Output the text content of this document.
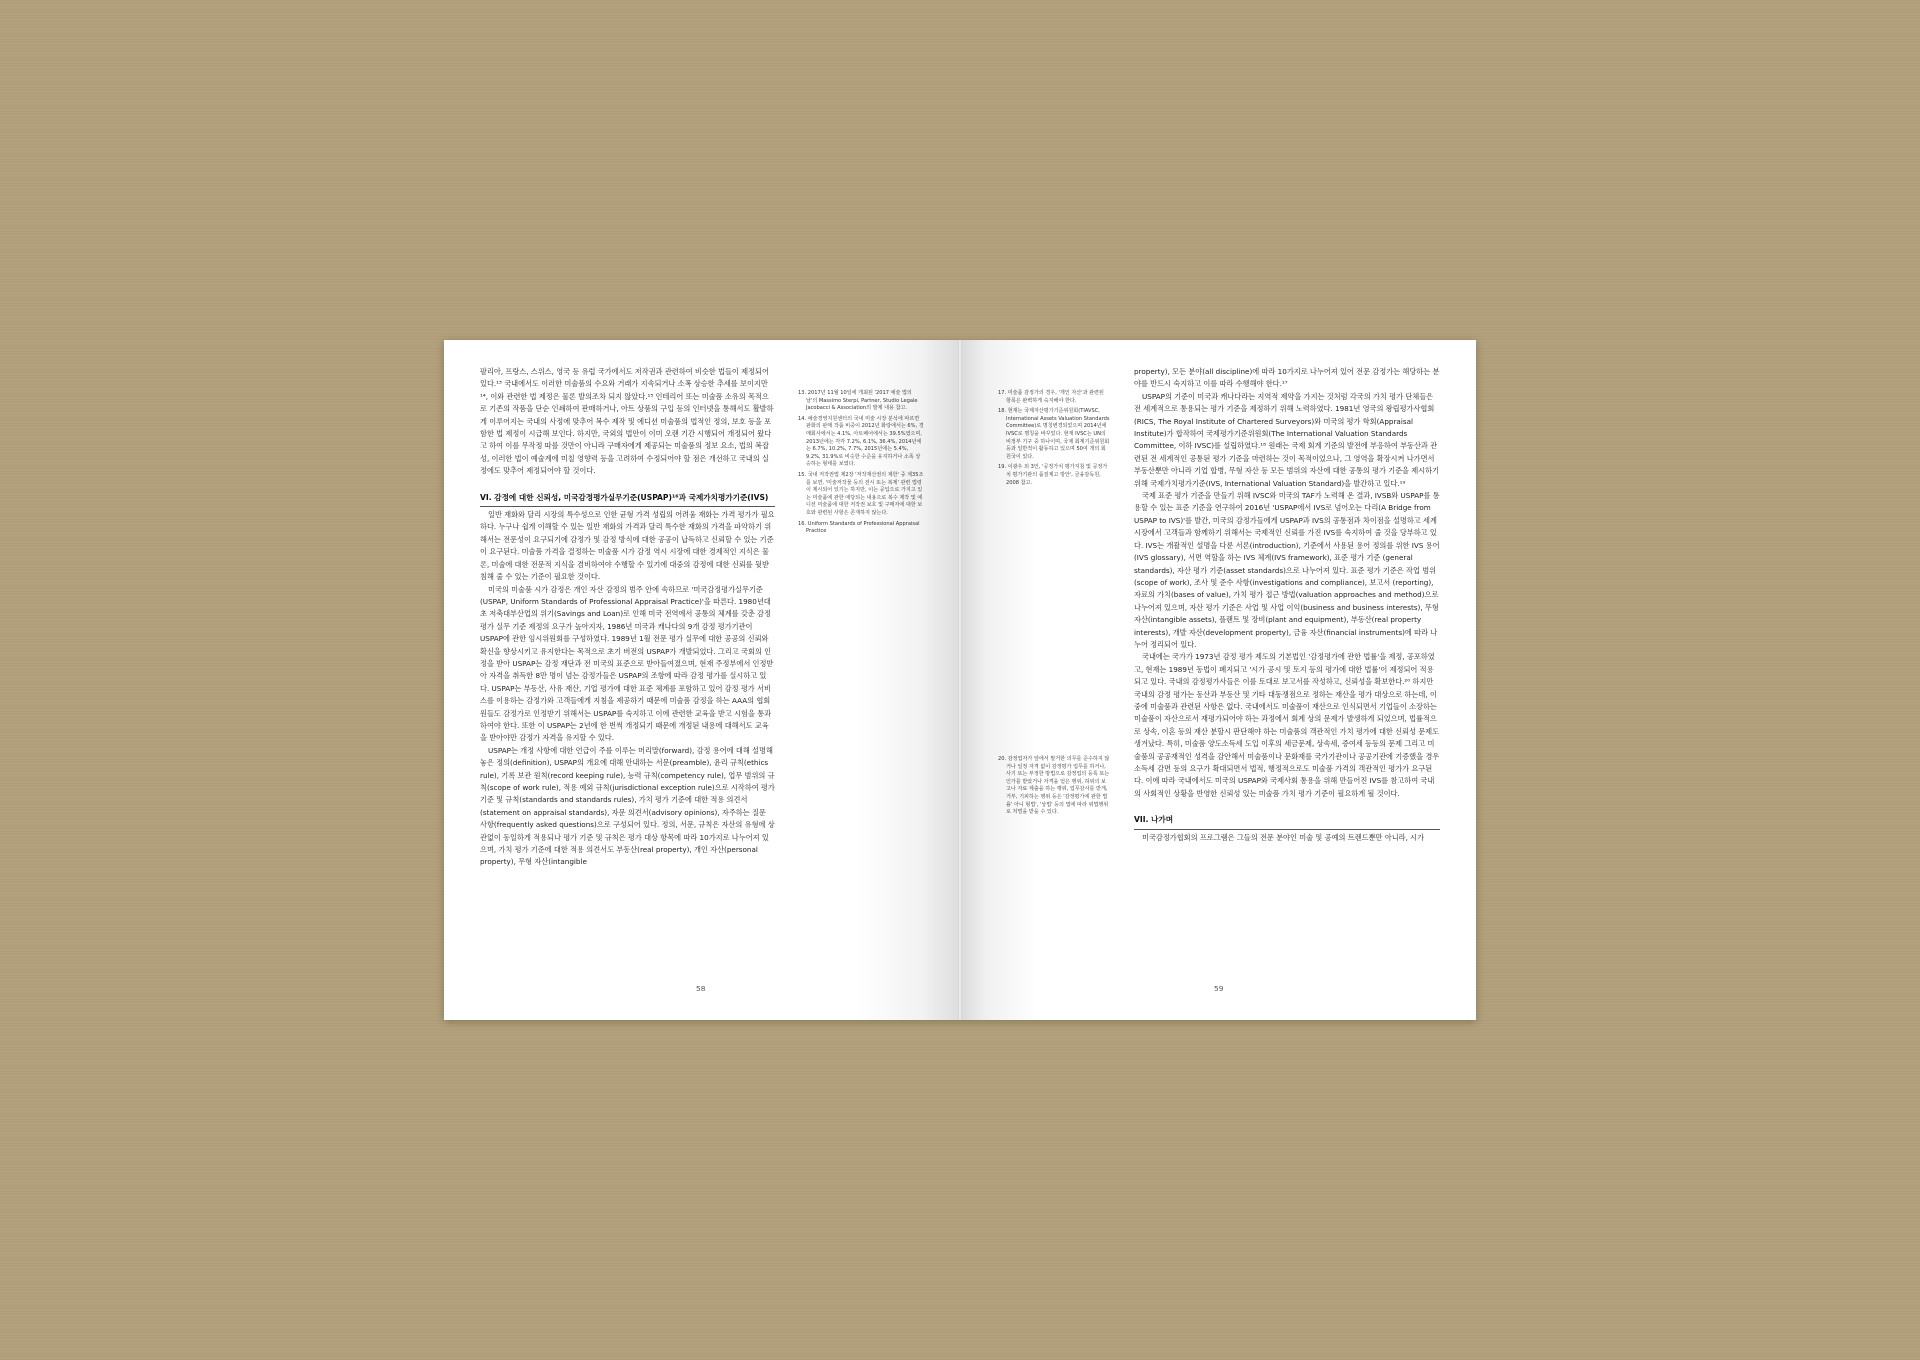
팔리아, 프랑스, 스위스, 영국 등 유럽 국가에서도 저작권과 관련하여 비슷한 법들이 제정되어 있다.¹³ 국내에서도 이러한 미술품의 수요와 거래가 지속되거나 소폭 상승한 추세를 보이지만¹⁴, 이와 관련한 법 제정은 물론 발의조차 되지 않았다.¹⁵ 인테리어 또는 미술품 소유의 목적으로 기존의 작품을 단순 인쇄하여 판매하거나, 아트 상품의 구입 등의 인터넷을 통해서도 활발하게 이루어지는 국내의 사정에 맞추어 복수 제작 및 에디션 미술품의 법적인 정의, 보호 등을 포함한 법 제정이 시급해 보인다. 하지만, 국외의 법안이 이미 오랜 기간 시행되어 개정되어 왔다고 하여 이를 무작정 따를 것만이 아니라 구매자에게 제공되는 미술품의 정보 요소, 법의 복잡성, 이러한 법이 예술계에 미칠 영향력 등을 고려하여 수정되어야 할 점은 개선하고 국내의 실정에도 맞추어 제정되어야 할 것이다.

VI. 감정에 대한 신뢰성, 미국감정평가실무기준(USPAP)¹⁶과 국제가치평가기준(IVS)

일반 재화와 달리 시장의 특수성으로 인한 균형 가격 성립의 어려움 재화는 가격 평가가 필요하다. 누구나 쉽게 이해할 수 있는 일반 재화의 가격과 달리 특수한 재화의 가격을 파악하기 위해서는 전문성이 요구되기에 감정가 및 감정 방식에 대한 공공이 납득하고 신뢰할 수 있는 기준이 요구된다. 미술품 가격을 결정하는 미술품 시가 감정 역시 시장에 대한 경제적인 지식은 물론, 미술에 대한 전문적 지식을 겸비하여야 수행할 수 있기에 대중의 감정에 대한 신뢰를 뒷받침해 줄 수 있는 기준이 필요한 것이다.

미국의 미술품 시가 감정은 개인 자산 감정의 범주 안에 속하므로 '미국감정평가실무기준(USPAP, Uniform Standards of Professional Appraisal Practice)'을 따른다. 1980년대 초 저축대부산업의 위기(Savings and Loan)로 인해 미국 전역에서 공통의 체계를 갖춘 감정 평가 실무 기준 제정의 요구가 높아지자, 1986년 미국과 캐나다의 9개 감정 평가기관이 USPAP에 관한 임시위원회를 구성하였다. 1989년 1월 전문 평가 실무에 대한 공공의 신뢰와 확신을 향상시키고 유지한다는 목적으로 초기 버전의 USPAP가 개발되었다. 그리고 국회의 인정을 받아 USPAP는 감정 재단과 전 미국의 표준으로 받아들여졌으며, 현재 주정부에서 인정받아 자격을 취득한 8만 명이 넘는 감정가들은 USPAP의 조항에 따라 감정 평가를 실시하고 있다. USPAP는 부동산, 사유 재산, 기업 평가에 대한 표준 체계를 포함하고 있어 감정 평가 서비스를 이용하는 감정가와 고객들에게 지침을 제공하기 때문에 미술품 감정을 하는 AAA의 협회원들도 감정가로 인정받기 위해서는 USPAP를 숙지하고 이에 관련한 교육을 받고 시험을 통과하여야 한다. 또한 이 USPAP는 2년에 한 번씩 개정되기 때문에 개정된 내용에 대해서도 교육을 받아야만 감정가 자격을 유지할 수 있다.

USPAP는 개정 사항에 대한 언급이 주를 이루는 머리말(forward), 감정 용어에 대해 설명해 놓은 정의(definition), USPAP의 개요에 대해 안내하는 서문(preamble), 윤리 규칙(ethics rule), 기록 보관 원칙(record keeping rule), 능력 규칙(competency rule), 업무 범위의 규칙(scope of work rule), 적용 예외 규칙(jurisdictional exception rule)으로 시작하여 평가 기준 및 규칙(standards and standards rules), 가치 평가 기준에 대한 적용 의견서(statement on appraisal standards), 자문 의견서(advisory opinions), 자주하는 질문 사항(frequently asked questions)으로 구성되어 있다. 정의, 서문, 규칙은 자산의 유형에 상관없이 동일하게 적용되나 평가 기준 및 규칙은 평가 대상 항목에 따라 10가지로 나누어져 있으며, 가치 평가 기준에 대한 적용 의견서도 부동산(real property), 개인 자산(personal property), 무형 자산(intangible

13. 2017년 11월 10일에 개최된 '2017 예술 법의 날'의 Massimo Sterpi, Partner, Studio Legale Jacobacci & Association의 발제 내용 참고.

14. 예술경영지원센터의 국내 미술 시장 분석에 따르면 판화의 판매 작품 비중이 2012년 화랑에서는 6%, 경매회사에서는 4.1%, 아트페어에서는 39.5%였으며, 2013년에는 각각 7.2%, 6.1%, 36.4%, 2014년에는 6.7%, 10.2%, 7.7%, 2015년에는 5.4%, 9.2%, 31.9%로 비슷한 수준을 유지하거나 소폭 상승하는 형태를 보였다.

15. 국내 저작권법 제2장 '저작재산권의 제한' 중 제35조를 보면, '미술저작물 등의 전시 또는 복제' 관련 법령이 제시되어 있기는 하지만, 이는 공입으로 가지고 있는 미술품에 관한 애당되는 내용으로 복수 제작 및 에디션 미술품에 대한 저작권 보호 및 구매자에 대한 보호와 관련된 사항은 존재하지 않는다.

16. Uniform Standards of Professional Appraisal Practice

58

17. 미술품 감정가의 경우, '개인 자산'과 관련된 항목은 완벽하게 숙지해야 한다.

18. 현재는 국제자산평가기준위원회(TIAVSC, International Assets Valuation Standards Committee)로 명칭변경되었으며 2014년에 IVSC로 명칭을 바꾸었다. 현재 IVSC는 UN의 비정부 기구 중 하나이며, 국제 회계기준위원회 등과 일반적이 활동하고 있으며 50여 개의 회원국이 있다.

19. 이광우 외 3인, '공정가치 평가지침 및 공정가치 평가기관의 품질제고 방안', 금융감독원, 2008 참고.

20. 감정업자가 앞에서 말거한 의무를 준수하지 않거나 일정 자격 없이 감정평가 업무를 하거나, 사기 또는 부정한 방법으로 감정업의 등록 또는 인가를 받았거나 자격을 얻은 행위, 허위의 보고나 자료 제출을 하는 행위, 업무감사를 받게, 거부, 기피하는 행위 등은 '감정평가에 관한 법률' 아니 형법', '상법' 등의 법에 따라 위법행위로 처벌을 받을 수 있다.

property), 모든 분야(all discipline)에 따라 10가지로 나누어져 있어 전문 감정가는 해당하는 분야를 반드시 숙지하고 이를 따라 수행해야 한다.¹⁷

USPAP의 기준이 미국과 캐나다라는 지역적 제약을 가지는 것처럼 각국의 가치 평가 단체들은 전 세계적으로 통용되는 평가 기준을 제정하기 위해 노력하였다. 1981년 영국의 왕립평가사협회(RICS, The Royal Institute of Chartered Surveyors)와 미국의 평가 학회(Appraisal Institute)가 합작하여 국제평가기준위원회(The International Valuation Standards Committee, 이하 IVSC)를 설립하였다.¹⁸ 원래는 국제 회계 기준의 발전에 부응하여 부동산과 관련된 전 세계적인 공통된 평가 기준을 마련하는 것이 목적이었으나, 그 영역을 확장시켜 나가면서 부동산뿐만 아니라 기업 합병, 무형 자산 등 모든 범위의 자산에 대한 공통의 평가 기준을 제시하기 위해 국제가치평가기준(IVS, International Valuation Standard)을 발간하고 있다.¹⁹

국제 표준 평가 기준을 만들기 위해 IVSC와 미국의 TAF가 노력해 온 결과, IVSB와 USPAP를 통용할 수 있는 표준 기준을 연구하여 2016년 'USPAP에서 IVS로 넘어오는 다리(A Bridge from USPAP to IVS)'를 발간, 미국의 감정가들에게 USPAP과 IVS의 공통점과 차이점을 설명하고 세계 시장에서 고객들과 함께하기 위해서는 국제적인 신뢰를 가진 IVS를 숙지하여 줄 것을 당부하고 있다. IVS는 개괄적인 설명을 다룬 서론(introduction), 기준에서 사용된 용어 정의를 위한 IVS 용어(IVS glossary), 서면 역할을 하는 IVS 체계(IVS framework), 표준 평가 기준 (general standards), 자산 평가 기준(asset standards)으로 나누어져 있다. 표준 평가 기준은 작업 범위(scope of work), 조사 및 준수 사항(investigations and compliance), 보고서 (reporting), 자료의 가치(bases of value), 가치 평가 접근 방법(valuation approaches and method)으로 나누어져 있으며, 자산 평가 기준은 사업 및 사업 이익(business and business interests), 무형 자산(intangible assets), 플랜트 및 장비(plant and equipment), 부동산(real property interests), 개발 자산(development property), 금융 자산(financial instruments)에 따라 나누어 정리되어 있다.

국내에는 국가가 1973년 감정 평가 제도의 기본법인 '감정평가에 관한 법률'을 제정, 공포하였고, 현재는 1989년 동법이 폐지되고 '시가 공시 및 토지 등의 평가에 대한 법률'이 제정되어 적용되고 있다. 국내의 감정평가사들은 이를 토대로 보고서를 작성하고, 신뢰성을 확보한다.²⁰ 하지만 국내의 감정 평가는 동산과 부동산 및 기타 대동쟁점으로 정하는 재산을 평가 대상으로 하는데, 이 중에 미술품과 관련된 사항은 없다. 국내에서도 미술품이 재산으로 인식되면서 기업들이 소장하는 미술품이 자산으로서 재평가되어야 하는 과정에서 회계 상의 문제가 발생하게 되었으며, 법률적으로 상속, 이혼 등의 재산 분할시 판단해야 하는 미술품의 객관적인 가치 평가에 대한 신뢰성 문제도 생겨났다. 특히, 미술품 양도소득세 도입 이후의 세금문제, 상속세, 증여세 등등의 문제 그리고 미술품의 공공재적인 성격을 감안해서 미술품이나 문화재를 국가기관이나 공공기관에 기증했을 경우 소득세 감면 등의 요구가 확대되면서 법적, 행정적으로도 미술품 가격의 객관적인 평가가 요구된다. 이에 따라 국내에서도 미국의 USPAP와 국제사회 통용을 위해 만들어진 IVS를 참고하여 국내의 사회적인 상황을 반영한 신뢰성 있는 미술품 가치 평가 기준이 필요하게 될 것이다.

VII. 나가며

미국감정가협회의 프로그램은 그들의 전문 분야인 미술 및 공예의 트렌드뿐만 아니라, 시가

59
